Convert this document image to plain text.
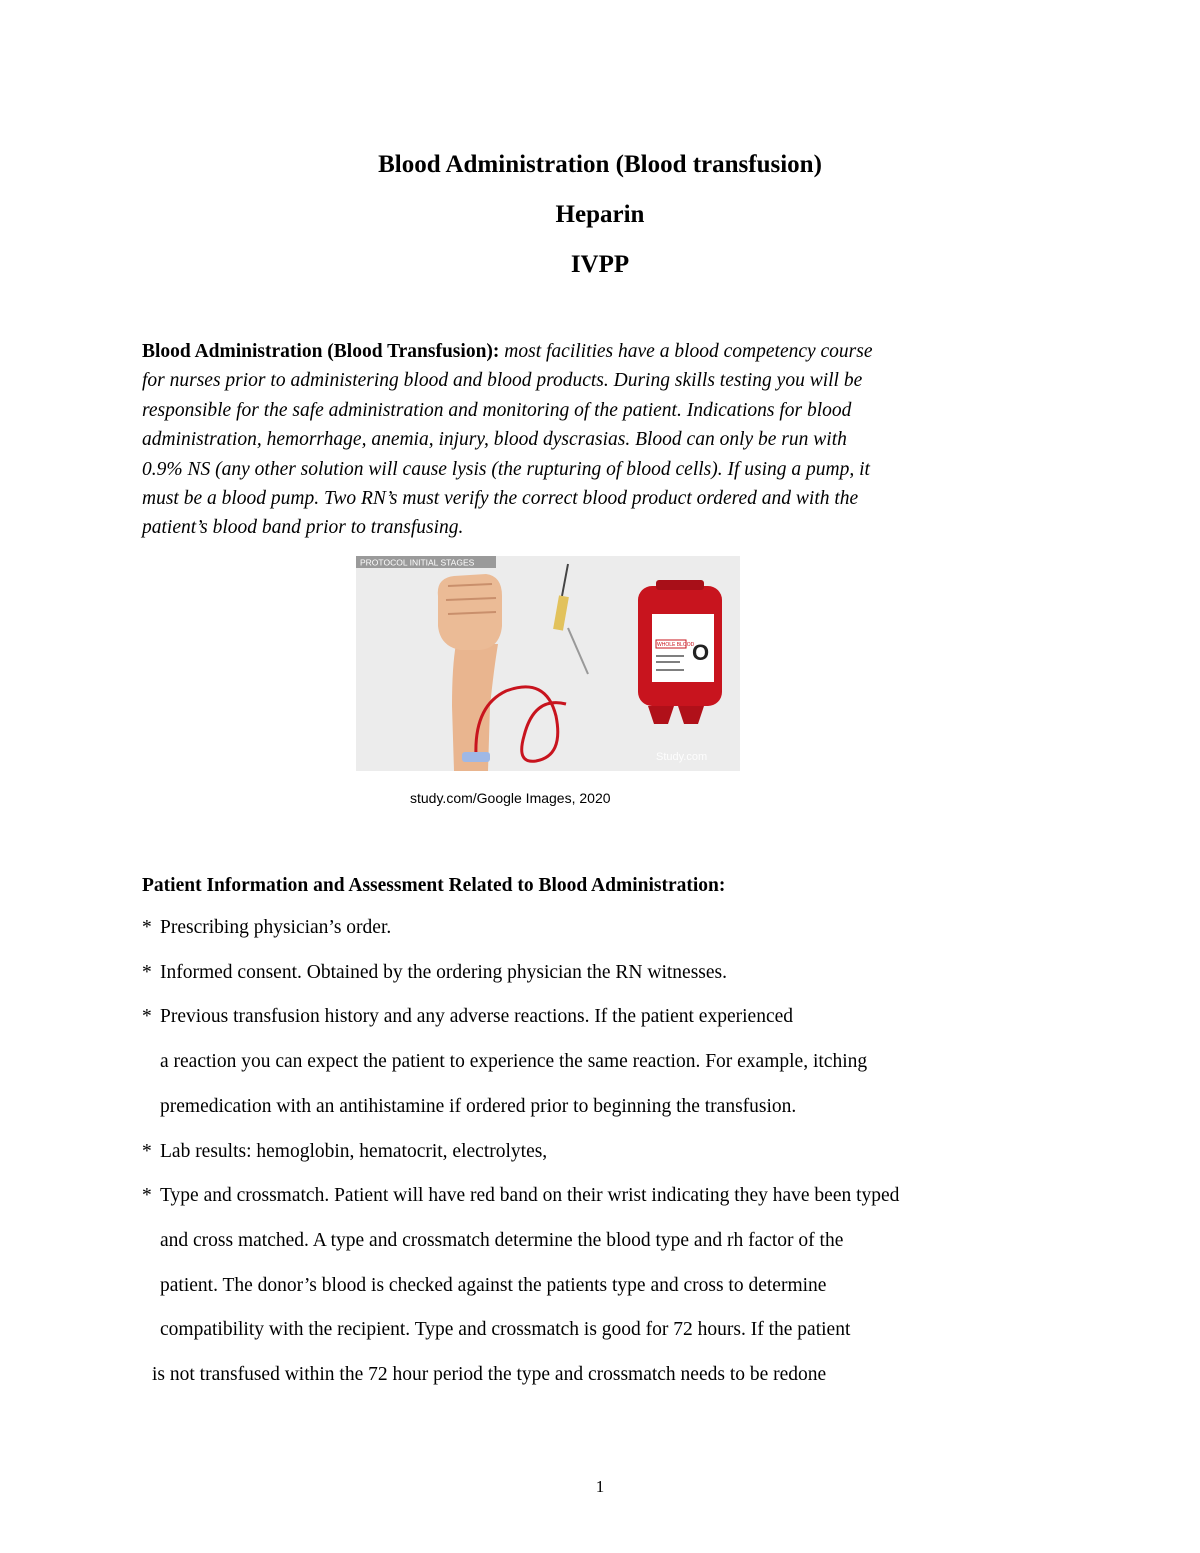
Blood Administration (Blood transfusion)

Heparin

IVPP

Blood Administration (Blood Transfusion): most facilities have a blood competency course
for nurses prior to administering blood and blood products. During skills testing you will be
responsible for the safe administration and monitoring of the patient. Indications for blood
administration, hemorrhage, anemia, injury, blood dyscrasias. Blood can only be run with
0.9% NS (any other solution will cause lysis (the rupturing of blood cells). If using a pump, it
must be a blood pump. Two RN’s must verify the correct blood product ordered and with the
patient’s blood band prior to transfusing.
PROTOCOL INITIAL STAGES
WHOLE BLOOD
O
Study.com
study.com/Google Images, 2020

Patient Information and Assessment Related to Blood Administration:

* Prescribing physician’s order.
* Informed consent. Obtained by the ordering physician the RN witnesses.
* Previous transfusion history and any adverse reactions. If the patient experienced
a reaction you can expect the patient to experience the same reaction. For example, itching
premedication with an antihistamine if ordered prior to beginning the transfusion.
* Lab results: hemoglobin, hematocrit, electrolytes,
* Type and crossmatch. Patient will have red band on their wrist indicating they have been typed
and cross matched. A type and crossmatch determine the blood type and rh factor of the
patient. The donor’s blood is checked against the patients type and cross to determine
compatibility with the recipient. Type and crossmatch is good for 72 hours. If the patient
is not transfused within the 72 hour period the type and crossmatch needs to be redone
1
